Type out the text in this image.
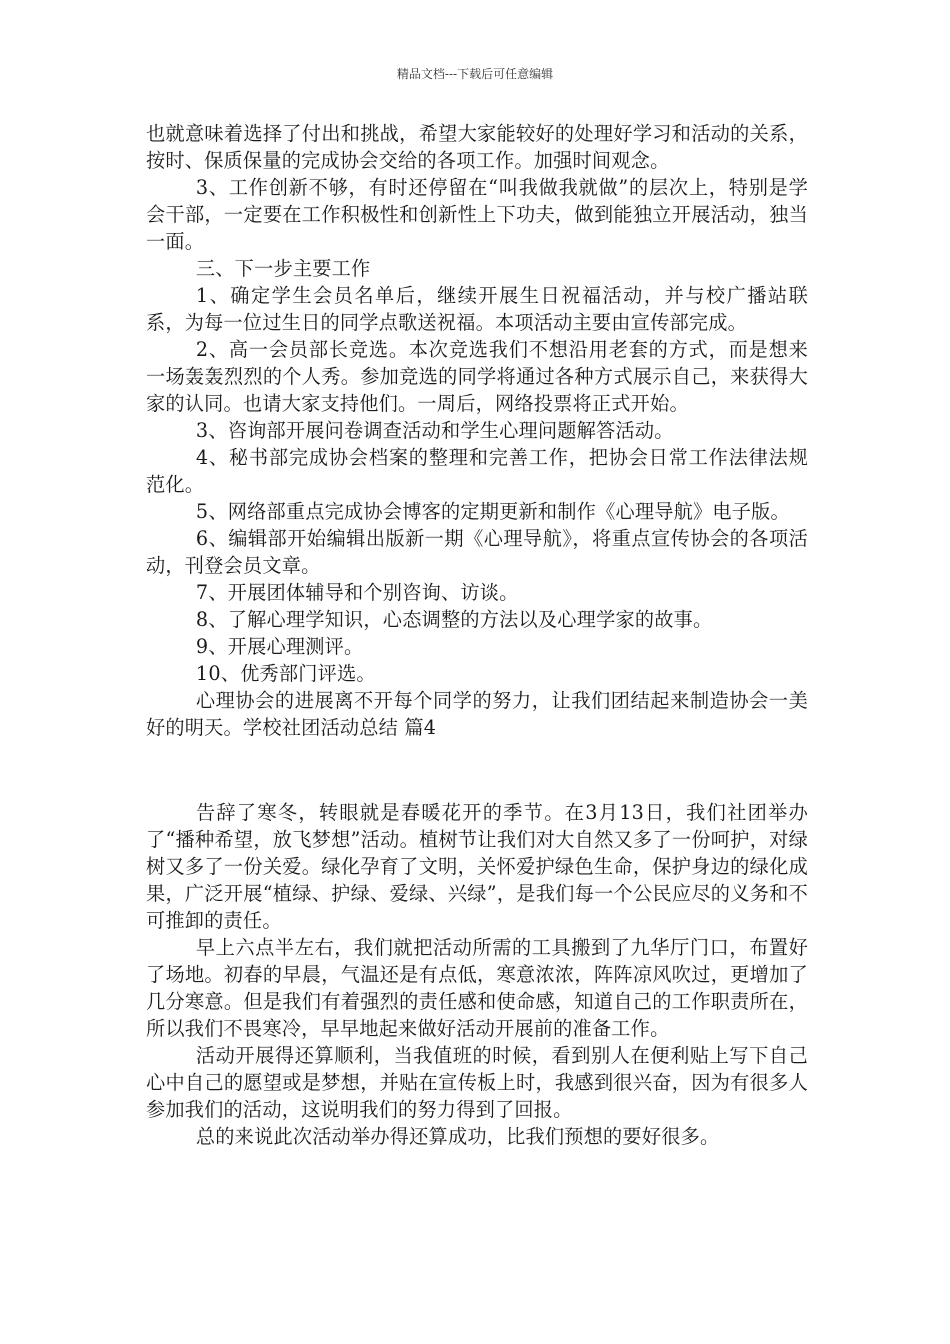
精品文档---下载后可任意编辑

也就意味着选择了付出和挑战，希望大家能较好的处理好学习和活动的关系，按时、保质保量的完成协会交给的各项工作。加强时间观念。

3、工作创新不够，有时还停留在“叫我做我就做”的层次上，特别是学会干部，一定要在工作积极性和创新性上下功夫，做到能独立开展活动，独当一面。

三、下一步主要工作

1、确定学生会员名单后，继续开展生日祝福活动，并与校广播站联系，为每一位过生日的同学点歌送祝福。本项活动主要由宣传部完成。

2、高一会员部长竞选。本次竞选我们不想沿用老套的方式，而是想来一场轰轰烈烈的个人秀。参加竞选的同学将通过各种方式展示自己，来获得大家的认同。也请大家支持他们。一周后，网络投票将正式开始。

3、咨询部开展问卷调查活动和学生心理问题解答活动。

4、秘书部完成协会档案的整理和完善工作，把协会日常工作法律法规范化。

5、网络部重点完成协会博客的定期更新和制作《心理导航》电子版。

6、编辑部开始编辑出版新一期《心理导航》，将重点宣传协会的各项活动，刊登会员文章。

7、开展团体辅导和个别咨询、访谈。

8、了解心理学知识，心态调整的方法以及心理学家的故事。

9、开展心理测评。

10、优秀部门评选。

心理协会的进展离不开每个同学的努力，让我们团结起来制造协会一美好的明天。学校社团活动总结 篇4

告辞了寒冬，转眼就是春暖花开的季节。在3月13日，我们社团举办了“播种希望，放飞梦想”活动。植树节让我们对大自然又多了一份呵护，对绿树又多了一份关爱。绿化孕育了文明，关怀爱护绿色生命，保护身边的绿化成果，广泛开展“植绿、护绿、爱绿、兴绿”，是我们每一个公民应尽的义务和不可推卸的责任。

早上六点半左右，我们就把活动所需的工具搬到了九华厅门口，布置好了场地。初春的早晨，气温还是有点低，寒意浓浓，阵阵凉风吹过，更增加了几分寒意。但是我们有着强烈的责任感和使命感，知道自己的工作职责所在，所以我们不畏寒冷，早早地起来做好活动开展前的准备工作。

活动开展得还算顺利，当我值班的时候，看到别人在便利贴上写下自己心中自己的愿望或是梦想，并贴在宣传板上时，我感到很兴奋，因为有很多人参加我们的活动，这说明我们的努力得到了回报。

总的来说此次活动举办得还算成功，比我们预想的要好很多。
